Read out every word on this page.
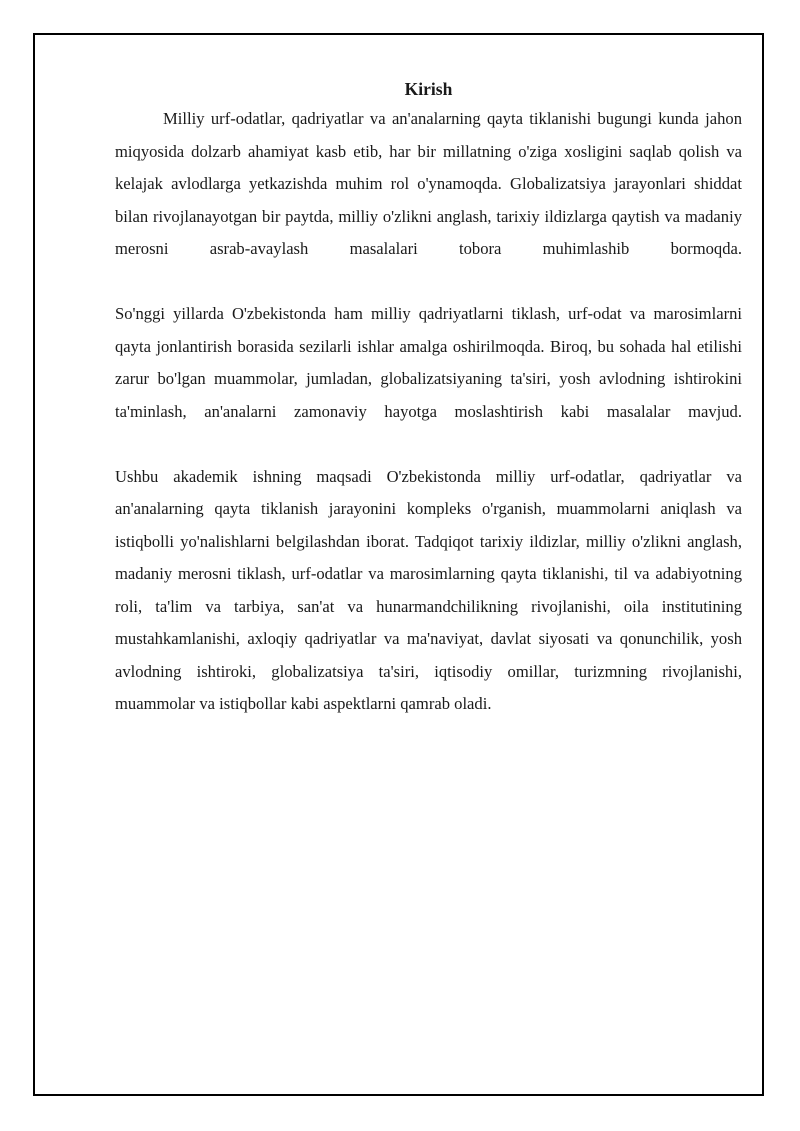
Kirish

Milliy urf-odatlar, qadriyatlar va an'analarning qayta tiklanishi bugungi kunda jahon miqyosida dolzarb ahamiyat kasb etib, har bir millatning o'ziga xosligini saqlab qolish va kelajak avlodlarga yetkazishda muhim rol o'ynamoqda. Globalizatsiya jarayonlari shiddat bilan rivojlanayotgan bir paytda, milliy o'zlikni anglash, tarixiy ildizlarga qaytish va madaniy merosni asrab-avaylash masalalari tobora muhimlashib bormoqda.

So'nggi yillarda O'zbekistonda ham milliy qadriyatlarni tiklash, urf-odat va marosimlarni qayta jonlantirish borasida sezilarli ishlar amalga oshirilmoqda. Biroq, bu sohada hal etilishi zarur bo'lgan muammolar, jumladan, globalizatsiyaning ta'siri, yosh avlodning ishtirokini ta'minlash, an'analarni zamonaviy hayotga moslashtirish kabi masalalar mavjud.

Ushbu akademik ishning maqsadi O'zbekistonda milliy urf-odatlar, qadriyatlar va an'analarning qayta tiklanish jarayonini kompleks o'rganish, muammolarni aniqlash va istiqbolli yo'nalishlarni belgilashdan iborat. Tadqiqot tarixiy ildizlar, milliy o'zlikni anglash, madaniy merosni tiklash, urf-odatlar va marosimlarning qayta tiklanishi, til va adabiyotning roli, ta'lim va tarbiya, san'at va hunarmandchilikning rivojlanishi, oila institutining mustahkamlanishi, axloqiy qadriyatlar va ma'naviyat, davlat siyosati va qonunchilik, yosh avlodning ishtiroki, globalizatsiya ta'siri, iqtisodiy omillar, turizmning rivojlanishi, muammolar va istiqbollar kabi aspektlarni qamrab oladi.
